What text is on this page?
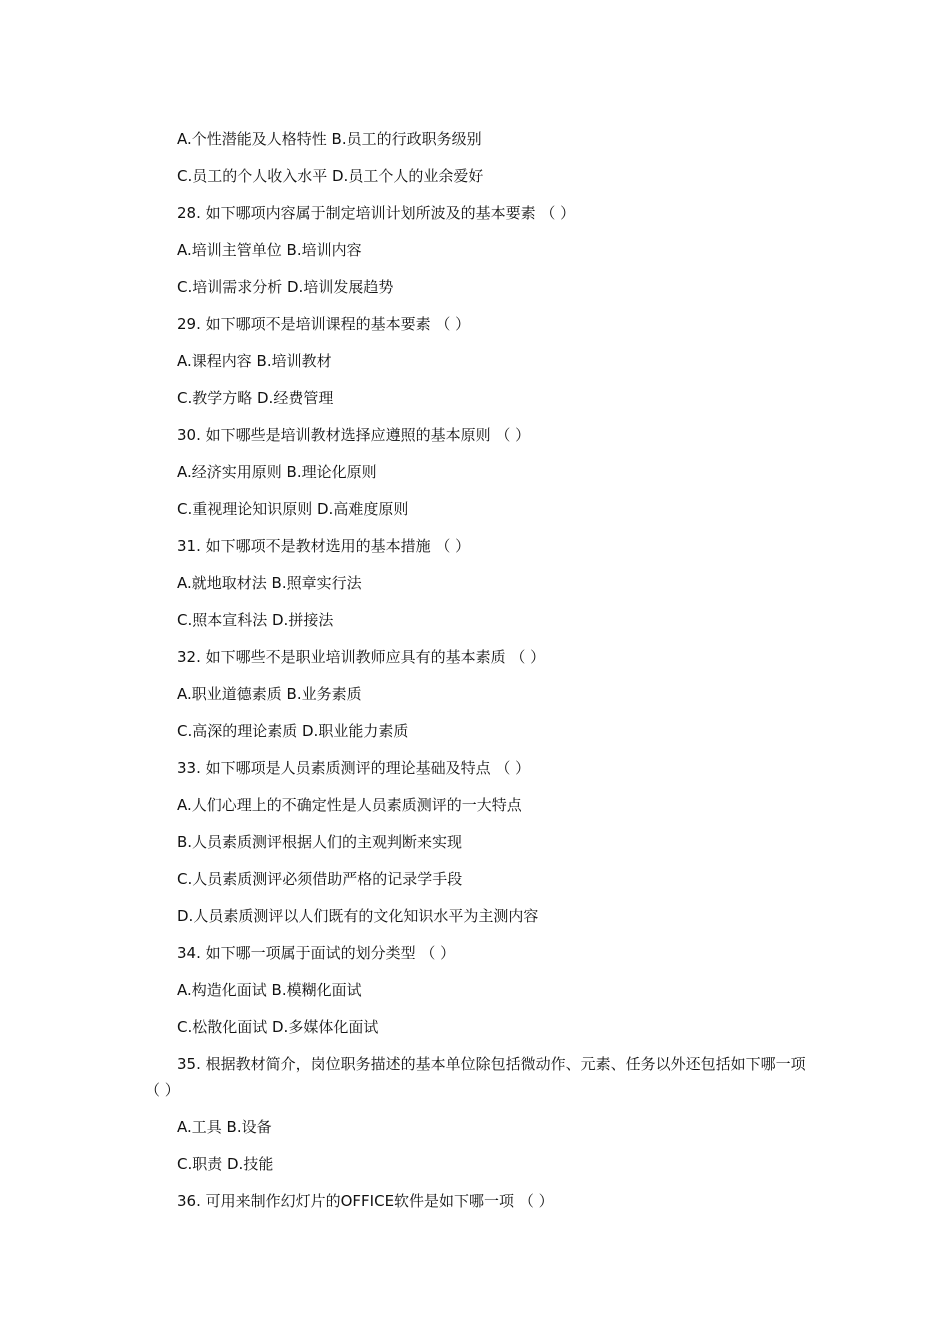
A.个性潜能及人格特性 B.员工的行政职务级别

C.员工的个人收入水平 D.员工个人的业余爱好

28. 如下哪项内容属于制定培训计划所波及的基本要素 （ ）

A.培训主管单位 B.培训内容

C.培训需求分析 D.培训发展趋势

29. 如下哪项不是培训课程的基本要素 （ ）

A.课程内容 B.培训教材

C.教学方略 D.经费管理

30. 如下哪些是培训教材选择应遵照的基本原则 （ ）

A.经济实用原则 B.理论化原则

C.重视理论知识原则 D.高难度原则

31. 如下哪项不是教材选用的基本措施 （ ）

A.就地取材法 B.照章实行法

C.照本宣科法 D.拼接法

32. 如下哪些不是职业培训教师应具有的基本素质 （ ）

A.职业道德素质 B.业务素质

C.高深的理论素质 D.职业能力素质

33. 如下哪项是人员素质测评的理论基础及特点 （ ）

A.人们心理上的不确定性是人员素质测评的一大特点

B.人员素质测评根据人们的主观判断来实现

C.人员素质测评必须借助严格的记录学手段

D.人员素质测评以人们既有的文化知识水平为主测内容

34. 如下哪一项属于面试的划分类型 （ ）

A.构造化面试 B.模糊化面试

C.松散化面试 D.多媒体化面试

35. 根据教材简介，岗位职务描述的基本单位除包括微动作、元素、任务以外还包括如下哪一项 （ ）

A.工具 B.设备

C.职责 D.技能

36. 可用来制作幻灯片的OFFICE软件是如下哪一项 （ ）
